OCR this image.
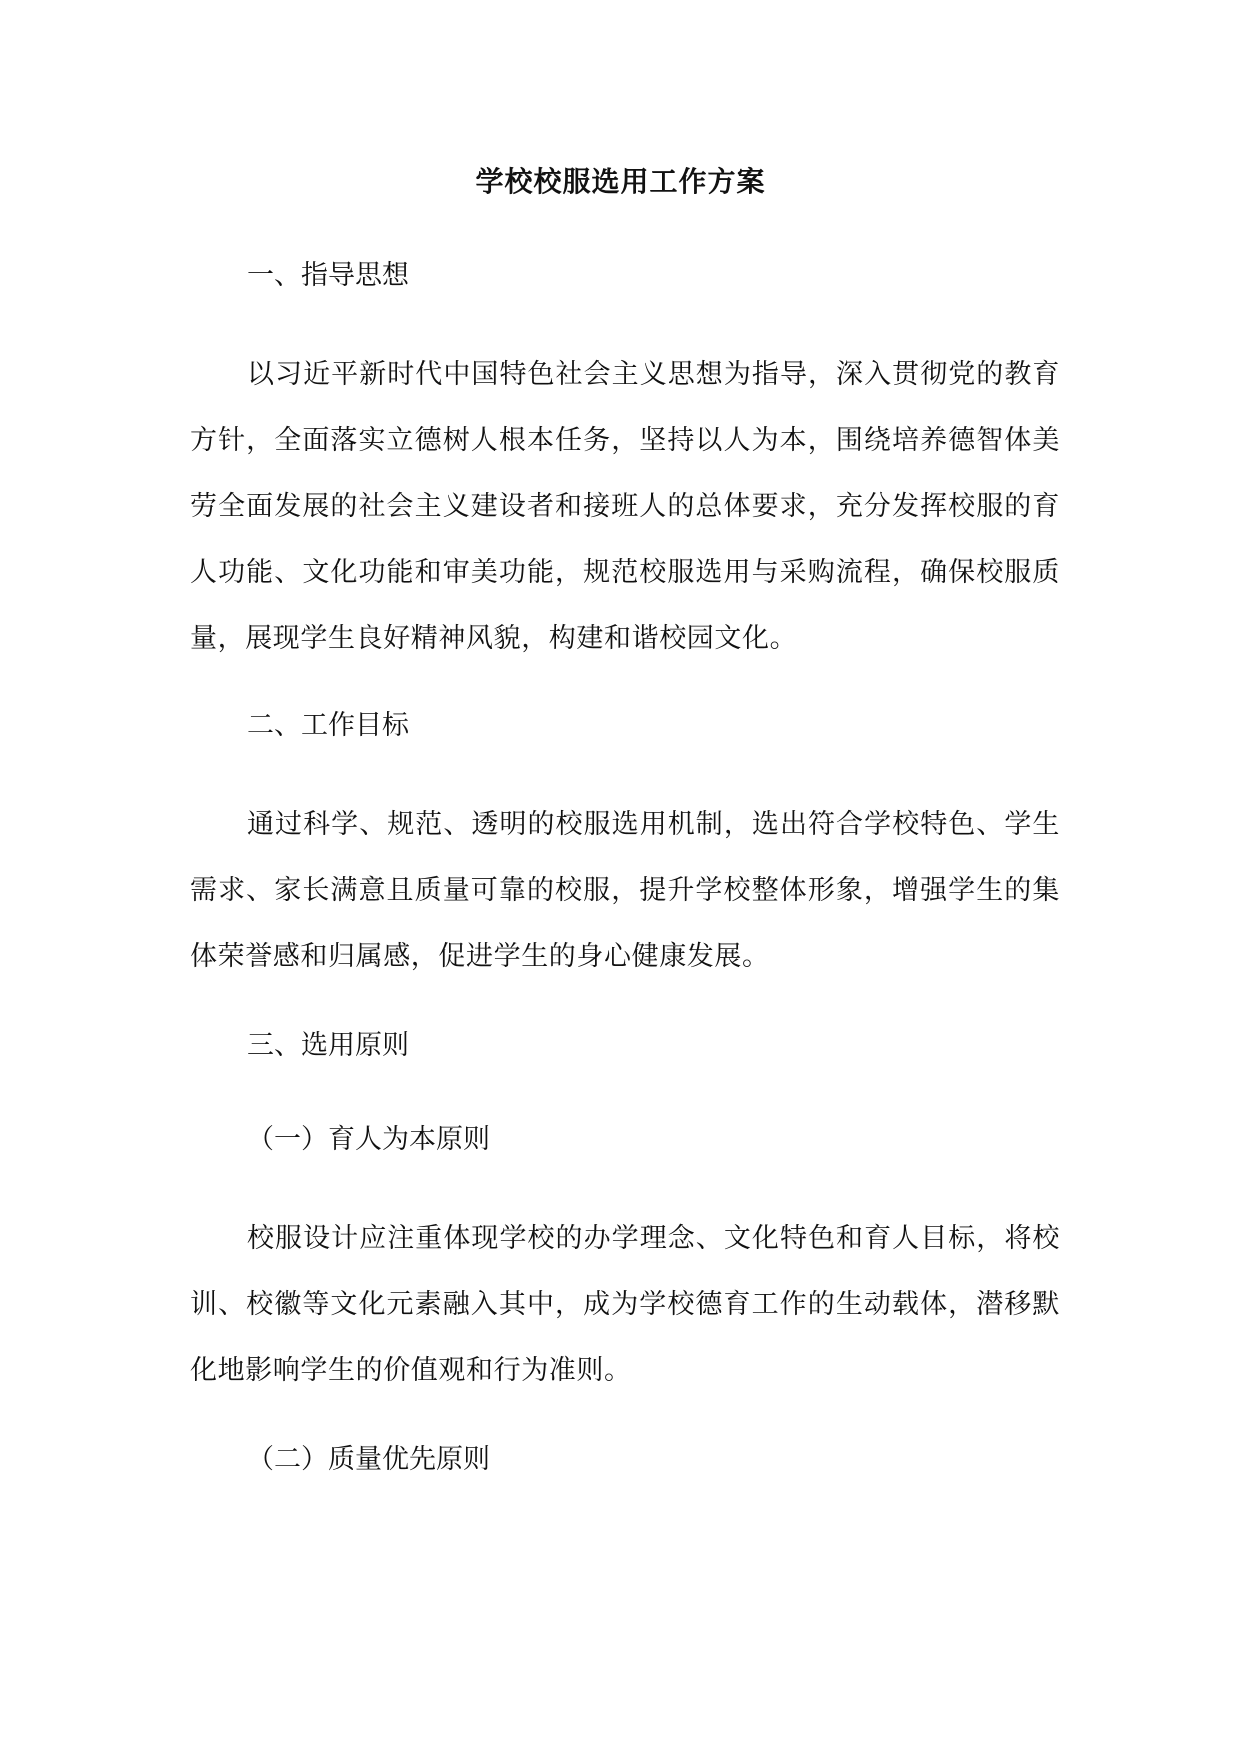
学校校服选用工作方案
一、指导思想
以习近平新时代中国特色社会主义思想为指导，深入贯彻党的教育方针，全面落实立德树人根本任务，坚持以人为本，围绕培养德智体美劳全面发展的社会主义建设者和接班人的总体要求，充分发挥校服的育人功能、文化功能和审美功能，规范校服选用与采购流程，确保校服质量，展现学生良好精神风貌，构建和谐校园文化。
二、工作目标
通过科学、规范、透明的校服选用机制，选出符合学校特色、学生需求、家长满意且质量可靠的校服，提升学校整体形象，增强学生的集体荣誉感和归属感，促进学生的身心健康发展。
三、选用原则
（一）育人为本原则
校服设计应注重体现学校的办学理念、文化特色和育人目标，将校训、校徽等文化元素融入其中，成为学校德育工作的生动载体，潜移默化地影响学生的价值观和行为准则。
（二）质量优先原则
